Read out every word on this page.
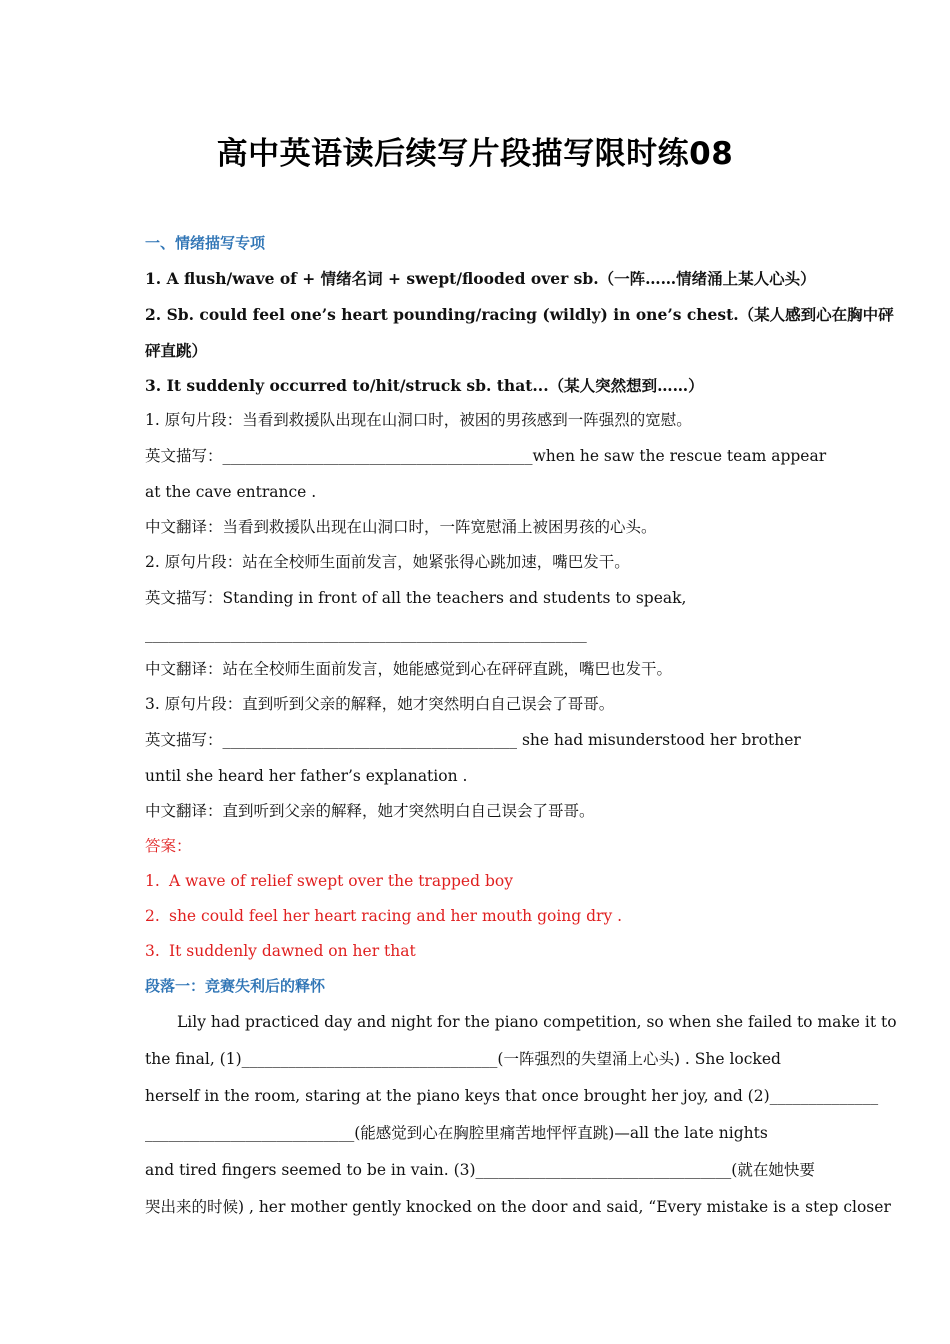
高中英语读后续写片段描写限时练08
一、情绪描写专项
1. A flush/wave of + 情绪名词 + swept/flooded over sb.（一阵……情绪涌上某人心头）
2. Sb. could feel one’s heart pounding/racing (wildly) in one’s chest.（某人感到心在胸中砰
砰直跳）
3. It suddenly occurred to/hit/struck sb. that...（某人突然想到……）
1. 原句片段：当看到救援队出现在山洞口时，被困的男孩感到一阵强烈的宽慰。
英文描写：________________________________________when he saw the rescue team appear
at the cave entrance .
中文翻译：当看到救援队出现在山洞口时，一阵宽慰涌上被困男孩的心头。
2. 原句片段：站在全校师生面前发言，她紧张得心跳加速，嘴巴发干。
英文描写：Standing in front of all the teachers and students to speak,
_________________________________________________________
中文翻译：站在全校师生面前发言，她能感觉到心在砰砰直跳，嘴巴也发干。
3. 原句片段：直到听到父亲的解释，她才突然明白自己误会了哥哥。
英文描写：______________________________________ she had misunderstood her brother
until she heard her father’s explanation .
中文翻译：直到听到父亲的解释，她才突然明白自己误会了哥哥。
答案：
1. A wave of relief swept over the trapped boy
2. she could feel her heart racing and her mouth going dry .
3. It suddenly dawned on her that
段落一：竞赛失利后的释怀
Lily had practiced day and night for the piano competition, so when she failed to make it to
the final, (1)_________________________________(一阵强烈的失望涌上心头) . She locked
herself in the room, staring at the piano keys that once brought her joy, and (2)______________
___________________________(能感觉到心在胸腔里痛苦地怦怦直跳)—all the late nights
and tired fingers seemed to be in vain. (3)_________________________________(就在她快要
哭出来的时候) , her mother gently knocked on the door and said, “Every mistake is a step closer
